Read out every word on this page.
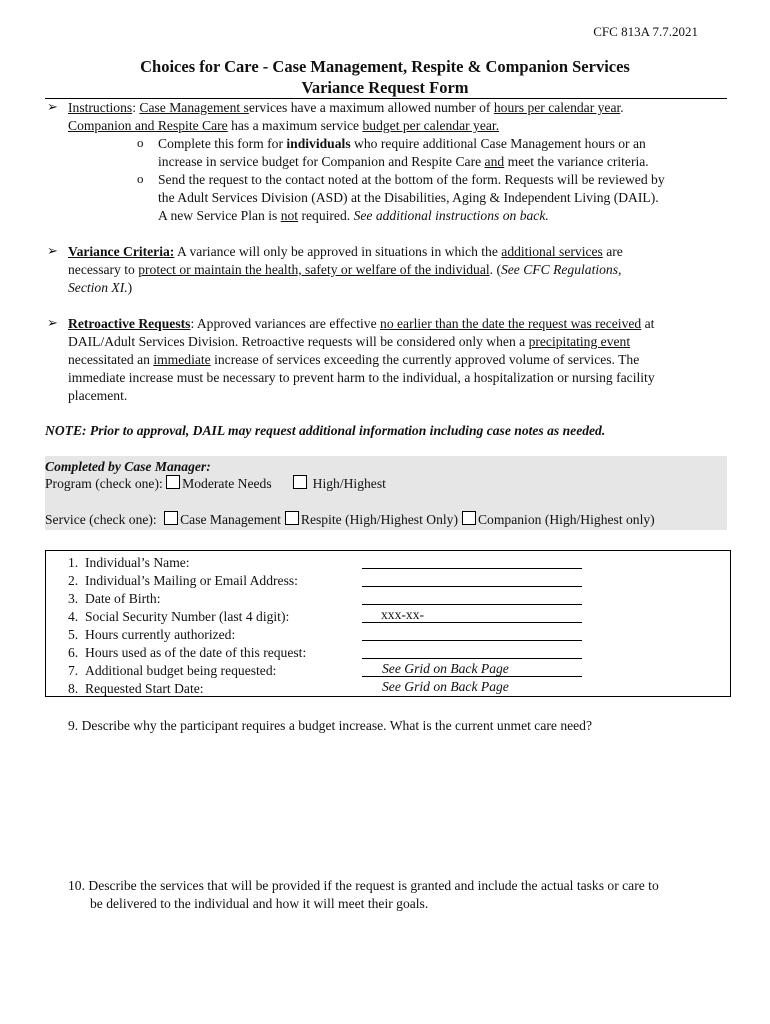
CFC 813A 7.7.2021
Choices for Care - Case Management, Respite & Companion Services
Variance Request Form
➢ Instructions: Case Management services have a maximum allowed number of hours per calendar year.
Companion and Respite Care has a maximum service budget per calendar year.
o Complete this form for individuals who require additional Case Management hours or an
increase in service budget for Companion and Respite Care and meet the variance criteria.
o Send the request to the contact noted at the bottom of the form. Requests will be reviewed by
the Adult Services Division (ASD) at the Disabilities, Aging & Independent Living (DAIL).
A new Service Plan is not required. See additional instructions on back.
➢ Variance Criteria: A variance will only be approved in situations in which the additional services are
necessary to protect or maintain the health, safety or welfare of the individual. (See CFC Regulations,
Section XI.)
➢ Retroactive Requests: Approved variances are effective no earlier than the date the request was received at
DAIL/Adult Services Division. Retroactive requests will be considered only when a precipitating event
necessitated an immediate increase of services exceeding the currently approved volume of services. The
immediate increase must be necessary to prevent harm to the individual, a hospitalization or nursing facility
placement.
NOTE: Prior to approval, DAIL may request additional information including case notes as needed.
Completed by Case Manager:
Program (check one): Moderate Needs	High/Highest
Service (check one): Case Management Respite (High/Highest Only) Companion (High/Highest only)
1. Individual’s Name:
2. Individual’s Mailing or Email Address:
3. Date of Birth:
4. Social Security Number (last 4 digit):
5. Hours currently authorized:
6. Hours used as of the date of this request:
7. Additional budget being requested:
8. Requested Start Date:
xxx-xx-
See Grid on Back Page
See Grid on Back Page
9. Describe why the participant requires a budget increase. What is the current unmet care need?
10. Describe the services that will be provided if the request is granted and include the actual tasks or care to
be delivered to the individual and how it will meet their goals.
